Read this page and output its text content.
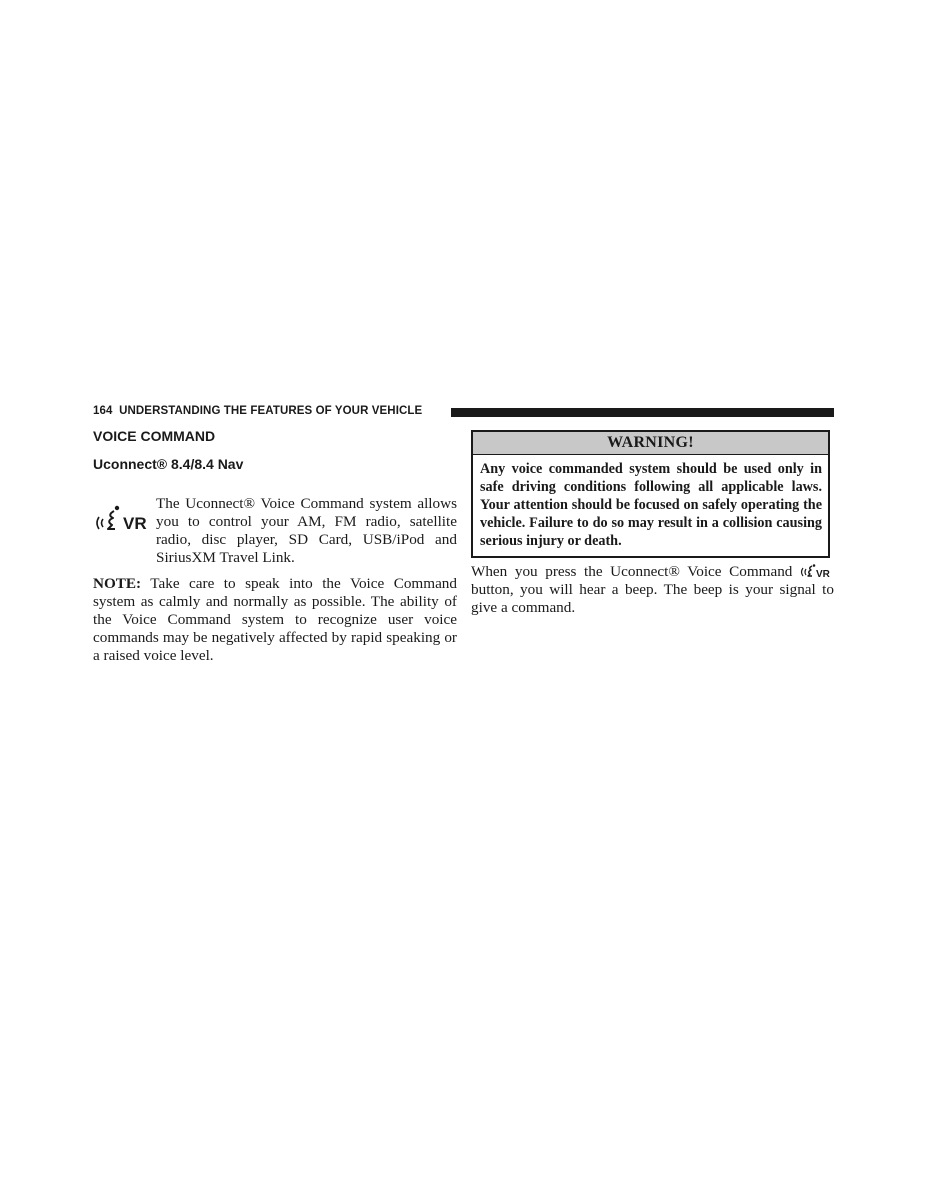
164 UNDERSTANDING THE FEATURES OF YOUR VEHICLE
VOICE COMMAND
Uconnect® 8.4/8.4 Nav
VR

The Uconnect® Voice Command system allows you to control your AM, FM radio, satellite radio, disc player, SD Card, USB/iPod and SiriusXM Travel Link.

NOTE: Take care to speak into the Voice Command system as calmly and normally as possible. The ability of the Voice Command system to recognize user voice commands may be negatively affected by rapid speaking or a raised voice level.

WARNING!
Any voice commanded system should be used only in safe driving conditions following all applicable laws. Your attention should be focused on safely operating the vehicle. Failure to do so may result in a collision causing serious injury or death.

When you press the Uconnect® Voice Command VR
button, you will hear a beep. The beep is your signal to give a command.
